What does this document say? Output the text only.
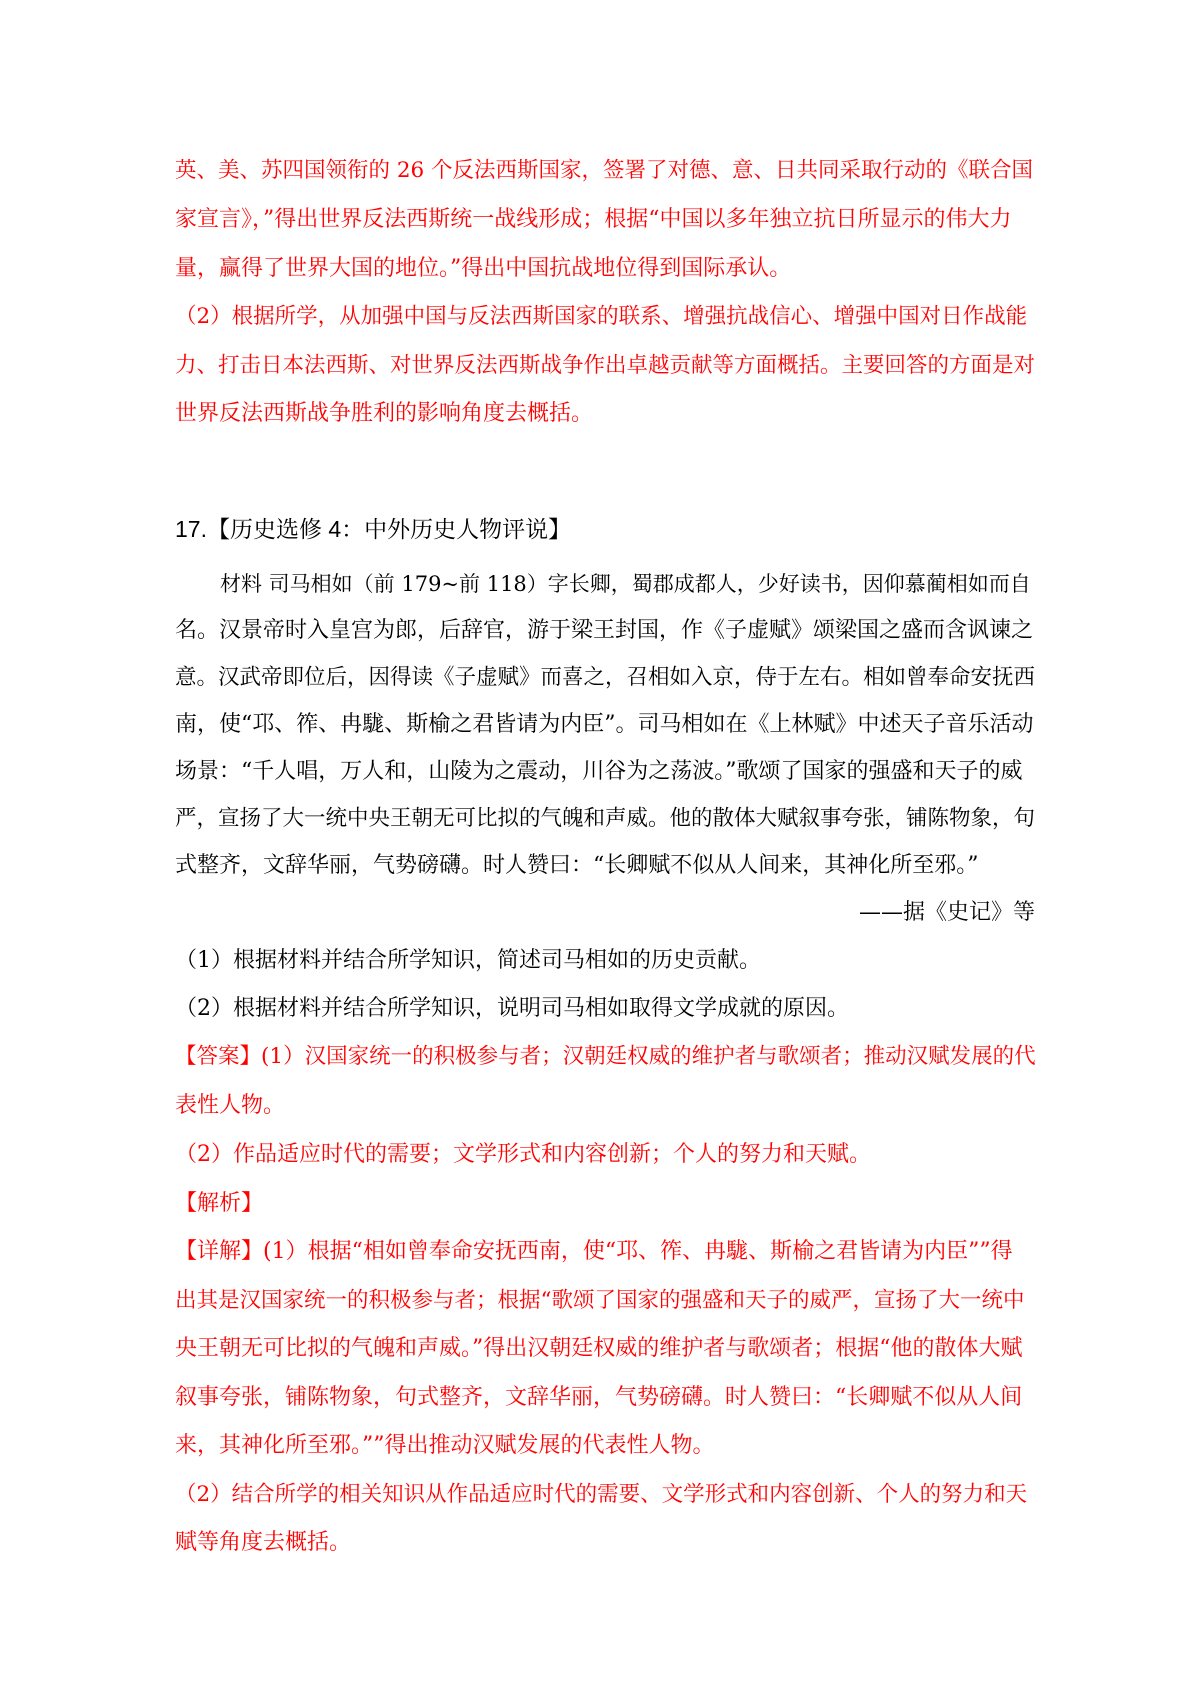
英、美、苏四国领衔的 26 个反法西斯国家，签署了对德、意、日共同采取行动的《联合国
家宣言》，”得出世界反法西斯统一战线形成；根据“中国以多年独立抗日所显示的伟大力
量，赢得了世界大国的地位。”得出中国抗战地位得到国际承认。
（2）根据所学，从加强中国与反法西斯国家的联系、增强抗战信心、增强中国对日作战能
力、打击日本法西斯、对世界反法西斯战争作出卓越贡献等方面概括。主要回答的方面是对
世界反法西斯战争胜利的影响角度去概括。
17.【历史选修 4：中外历史人物评说】
材料 司马相如（前 179~前 118）字长卿，蜀郡成都人，少好读书，因仰慕蔺相如而自
名。汉景帝时入皇宫为郎，后辞官，游于梁王封国，作《子虚赋》颂梁国之盛而含讽谏之
意。汉武帝即位后，因得读《子虚赋》而喜之，召相如入京，侍于左右。相如曾奉命安抚西
南，使“邛、筰、冉駹、斯榆之君皆请为内臣”。司马相如在《上林赋》中述天子音乐活动
场景：“千人唱，万人和，山陵为之震动，川谷为之荡波。”歌颂了国家的强盛和天子的威
严，宣扬了大一统中央王朝无可比拟的气魄和声威。他的散体大赋叙事夸张，铺陈物象，句
式整齐，文辞华丽，气势磅礴。时人赞曰：“长卿赋不似从人间来，其神化所至邪。”
——据《史记》等
（1）根据材料并结合所学知识，简述司马相如的历史贡献。
（2）根据材料并结合所学知识，说明司马相如取得文学成就的原因。
【答案】(1）汉国家统一的积极参与者；汉朝廷权威的维护者与歌颂者；推动汉赋发展的代
表性人物。
（2）作品适应时代的需要；文学形式和内容创新；个人的努力和天赋。
【解析】
【详解】(1）根据“相如曾奉命安抚西南，使“邛、筰、冉駹、斯榆之君皆请为内臣””得
出其是汉国家统一的积极参与者；根据“歌颂了国家的强盛和天子的威严，宣扬了大一统中
央王朝无可比拟的气魄和声威。”得出汉朝廷权威的维护者与歌颂者；根据“他的散体大赋
叙事夸张，铺陈物象，句式整齐，文辞华丽，气势磅礴。时人赞曰：“长卿赋不似从人间
来，其神化所至邪。””得出推动汉赋发展的代表性人物。
（2）结合所学的相关知识从作品适应时代的需要、文学形式和内容创新、个人的努力和天
赋等角度去概括。
